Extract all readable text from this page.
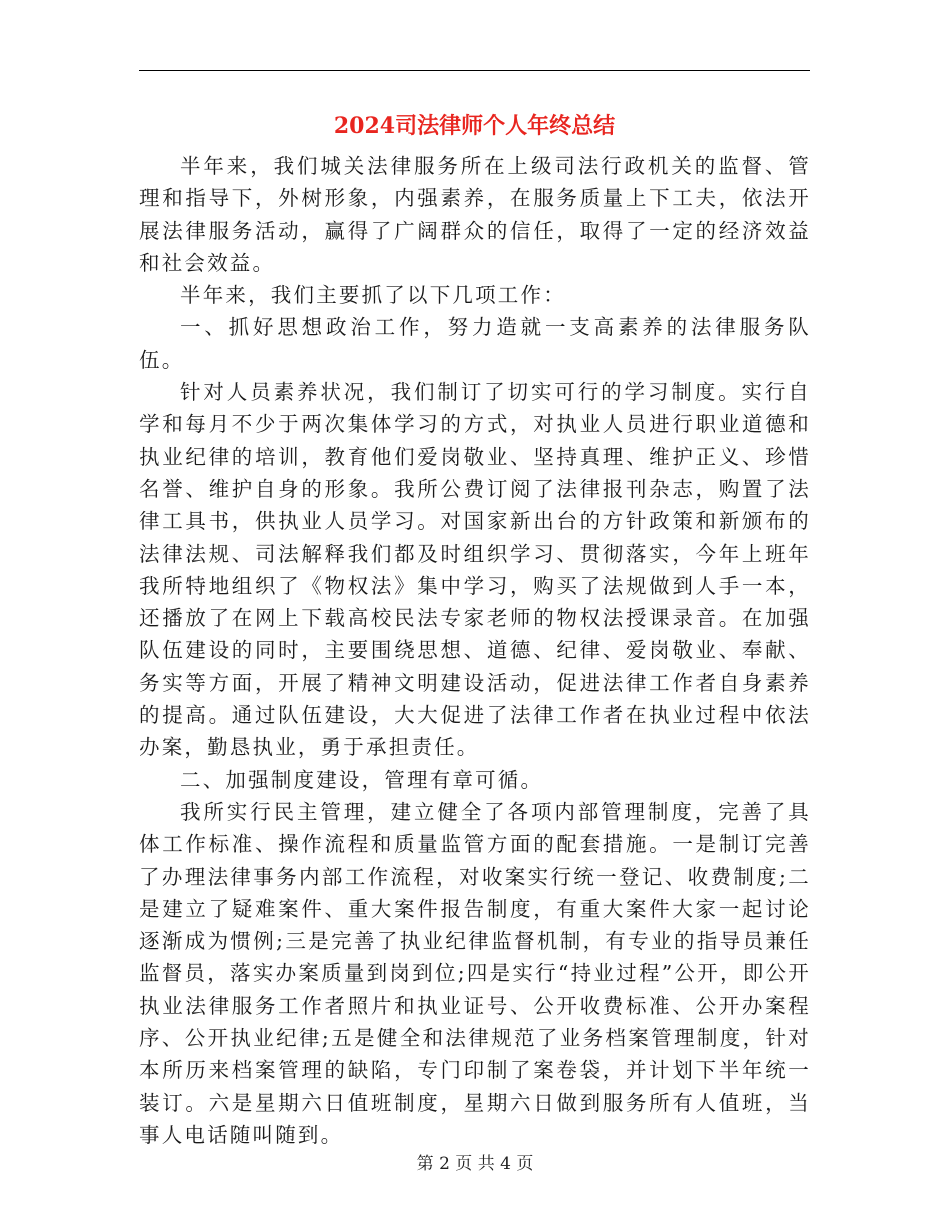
2024司法律师个人年终总结

半年来，我们城关法律服务所在上级司法行政机关的监督、管理和指导下，外树形象，内强素养，在服务质量上下工夫，依法开展法律服务活动，赢得了广阔群众的信任，取得了一定的经济效益和社会效益。

半年来，我们主要抓了以下几项工作：

一、抓好思想政治工作，努力造就一支高素养的法律服务队伍。

针对人员素养状况，我们制订了切实可行的学习制度。实行自学和每月不少于两次集体学习的方式，对执业人员进行职业道德和执业纪律的培训，教育他们爱岗敬业、坚持真理、维护正义、珍惜名誉、维护自身的形象。我所公费订阅了法律报刊杂志，购置了法律工具书，供执业人员学习。对国家新出台的方针政策和新颁布的法律法规、司法解释我们都及时组织学习、贯彻落实，今年上班年我所特地组织了《物权法》集中学习，购买了法规做到人手一本，还播放了在网上下载高校民法专家老师的物权法授课录音。在加强队伍建设的同时，主要围绕思想、道德、纪律、爱岗敬业、奉献、务实等方面，开展了精神文明建设活动，促进法律工作者自身素养的提高。通过队伍建设，大大促进了法律工作者在执业过程中依法办案，勤恳执业，勇于承担责任。

二、加强制度建设，管理有章可循。

我所实行民主管理，建立健全了各项内部管理制度，完善了具体工作标准、操作流程和质量监管方面的配套措施。一是制订完善了办理法律事务内部工作流程，对收案实行统一登记、收费制度;二是建立了疑难案件、重大案件报告制度，有重大案件大家一起讨论逐渐成为惯例;三是完善了执业纪律监督机制，有专业的指导员兼任监督员，落实办案质量到岗到位;四是实行“持业过程”公开，即公开执业法律服务工作者照片和执业证号、公开收费标准、公开办案程序、公开执业纪律;五是健全和法律规范了业务档案管理制度，针对本所历来档案管理的缺陷，专门印制了案卷袋，并计划下半年统一装订。六是星期六日值班制度，星期六日做到服务所有人值班，当事人电话随叫随到。

第 2 页 共 4 页
